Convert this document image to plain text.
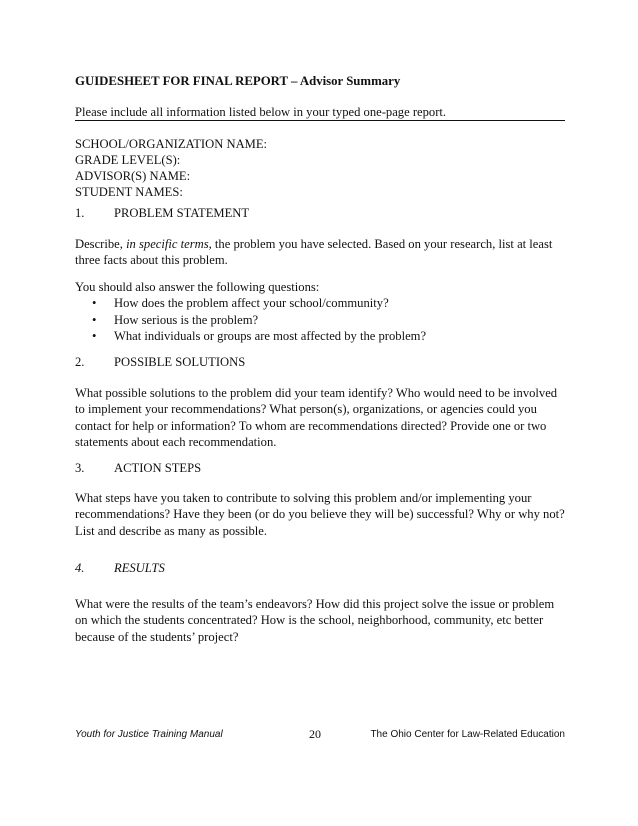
GUIDESHEET FOR FINAL REPORT – Advisor Summary
Please include all information listed below in your typed one-page report.
SCHOOL/ORGANIZATION NAME:
GRADE LEVEL(S):
ADVISOR(S) NAME:
STUDENT NAMES:
1. PROBLEM STATEMENT
Describe, in specific terms, the problem you have selected. Based on your research, list at least three facts about this problem.
You should also answer the following questions:
• How does the problem affect your school/community?
• How serious is the problem?
• What individuals or groups are most affected by the problem?
2. POSSIBLE SOLUTIONS
What possible solutions to the problem did your team identify? Who would need to be involved to implement your recommendations? What person(s), organizations, or agencies could you contact for help or information? To whom are recommendations directed? Provide one or two statements about each recommendation.
3. ACTION STEPS
What steps have you taken to contribute to solving this problem and/or implementing your recommendations? Have they been (or do you believe they will be) successful? Why or why not? List and describe as many as possible.
4. RESULTS
What were the results of the team’s endeavors? How did this project solve the issue or problem on which the students concentrated? How is the school, neighborhood, community, etc better because of the students’ project?
Youth for Justice Training Manual	20	The Ohio Center for Law-Related Education
